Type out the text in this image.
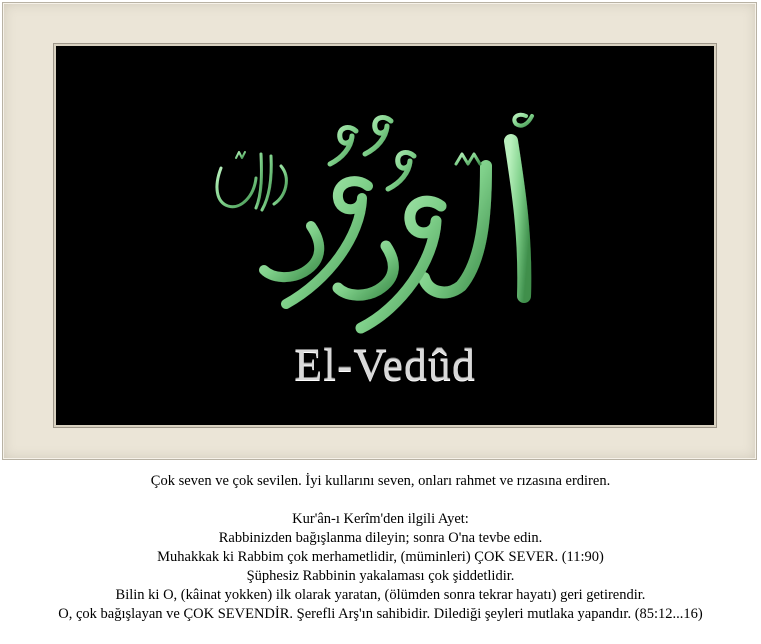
El-Vedûd
Çok seven ve çok sevilen. İyi kullarını seven, onları rahmet ve rızasına erdiren.
Kur'ân-ı Kerîm'den ilgili Ayet:
Rabbinizden bağışlanma dileyin; sonra O'na tevbe edin.
Muhakkak ki Rabbim çok merhametlidir, (müminleri) ÇOK SEVER. (11:90)
Şüphesiz Rabbinin yakalaması çok şiddetlidir.
Bilin ki O, (kâinat yokken) ilk olarak yaratan, (ölümden sonra tekrar hayatı) geri getirendir.
O, çok bağışlayan ve ÇOK SEVENDİR. Şerefli Arş'ın sahibidir. Dilediği şeyleri mutlaka yapandır. (85:12...16)
